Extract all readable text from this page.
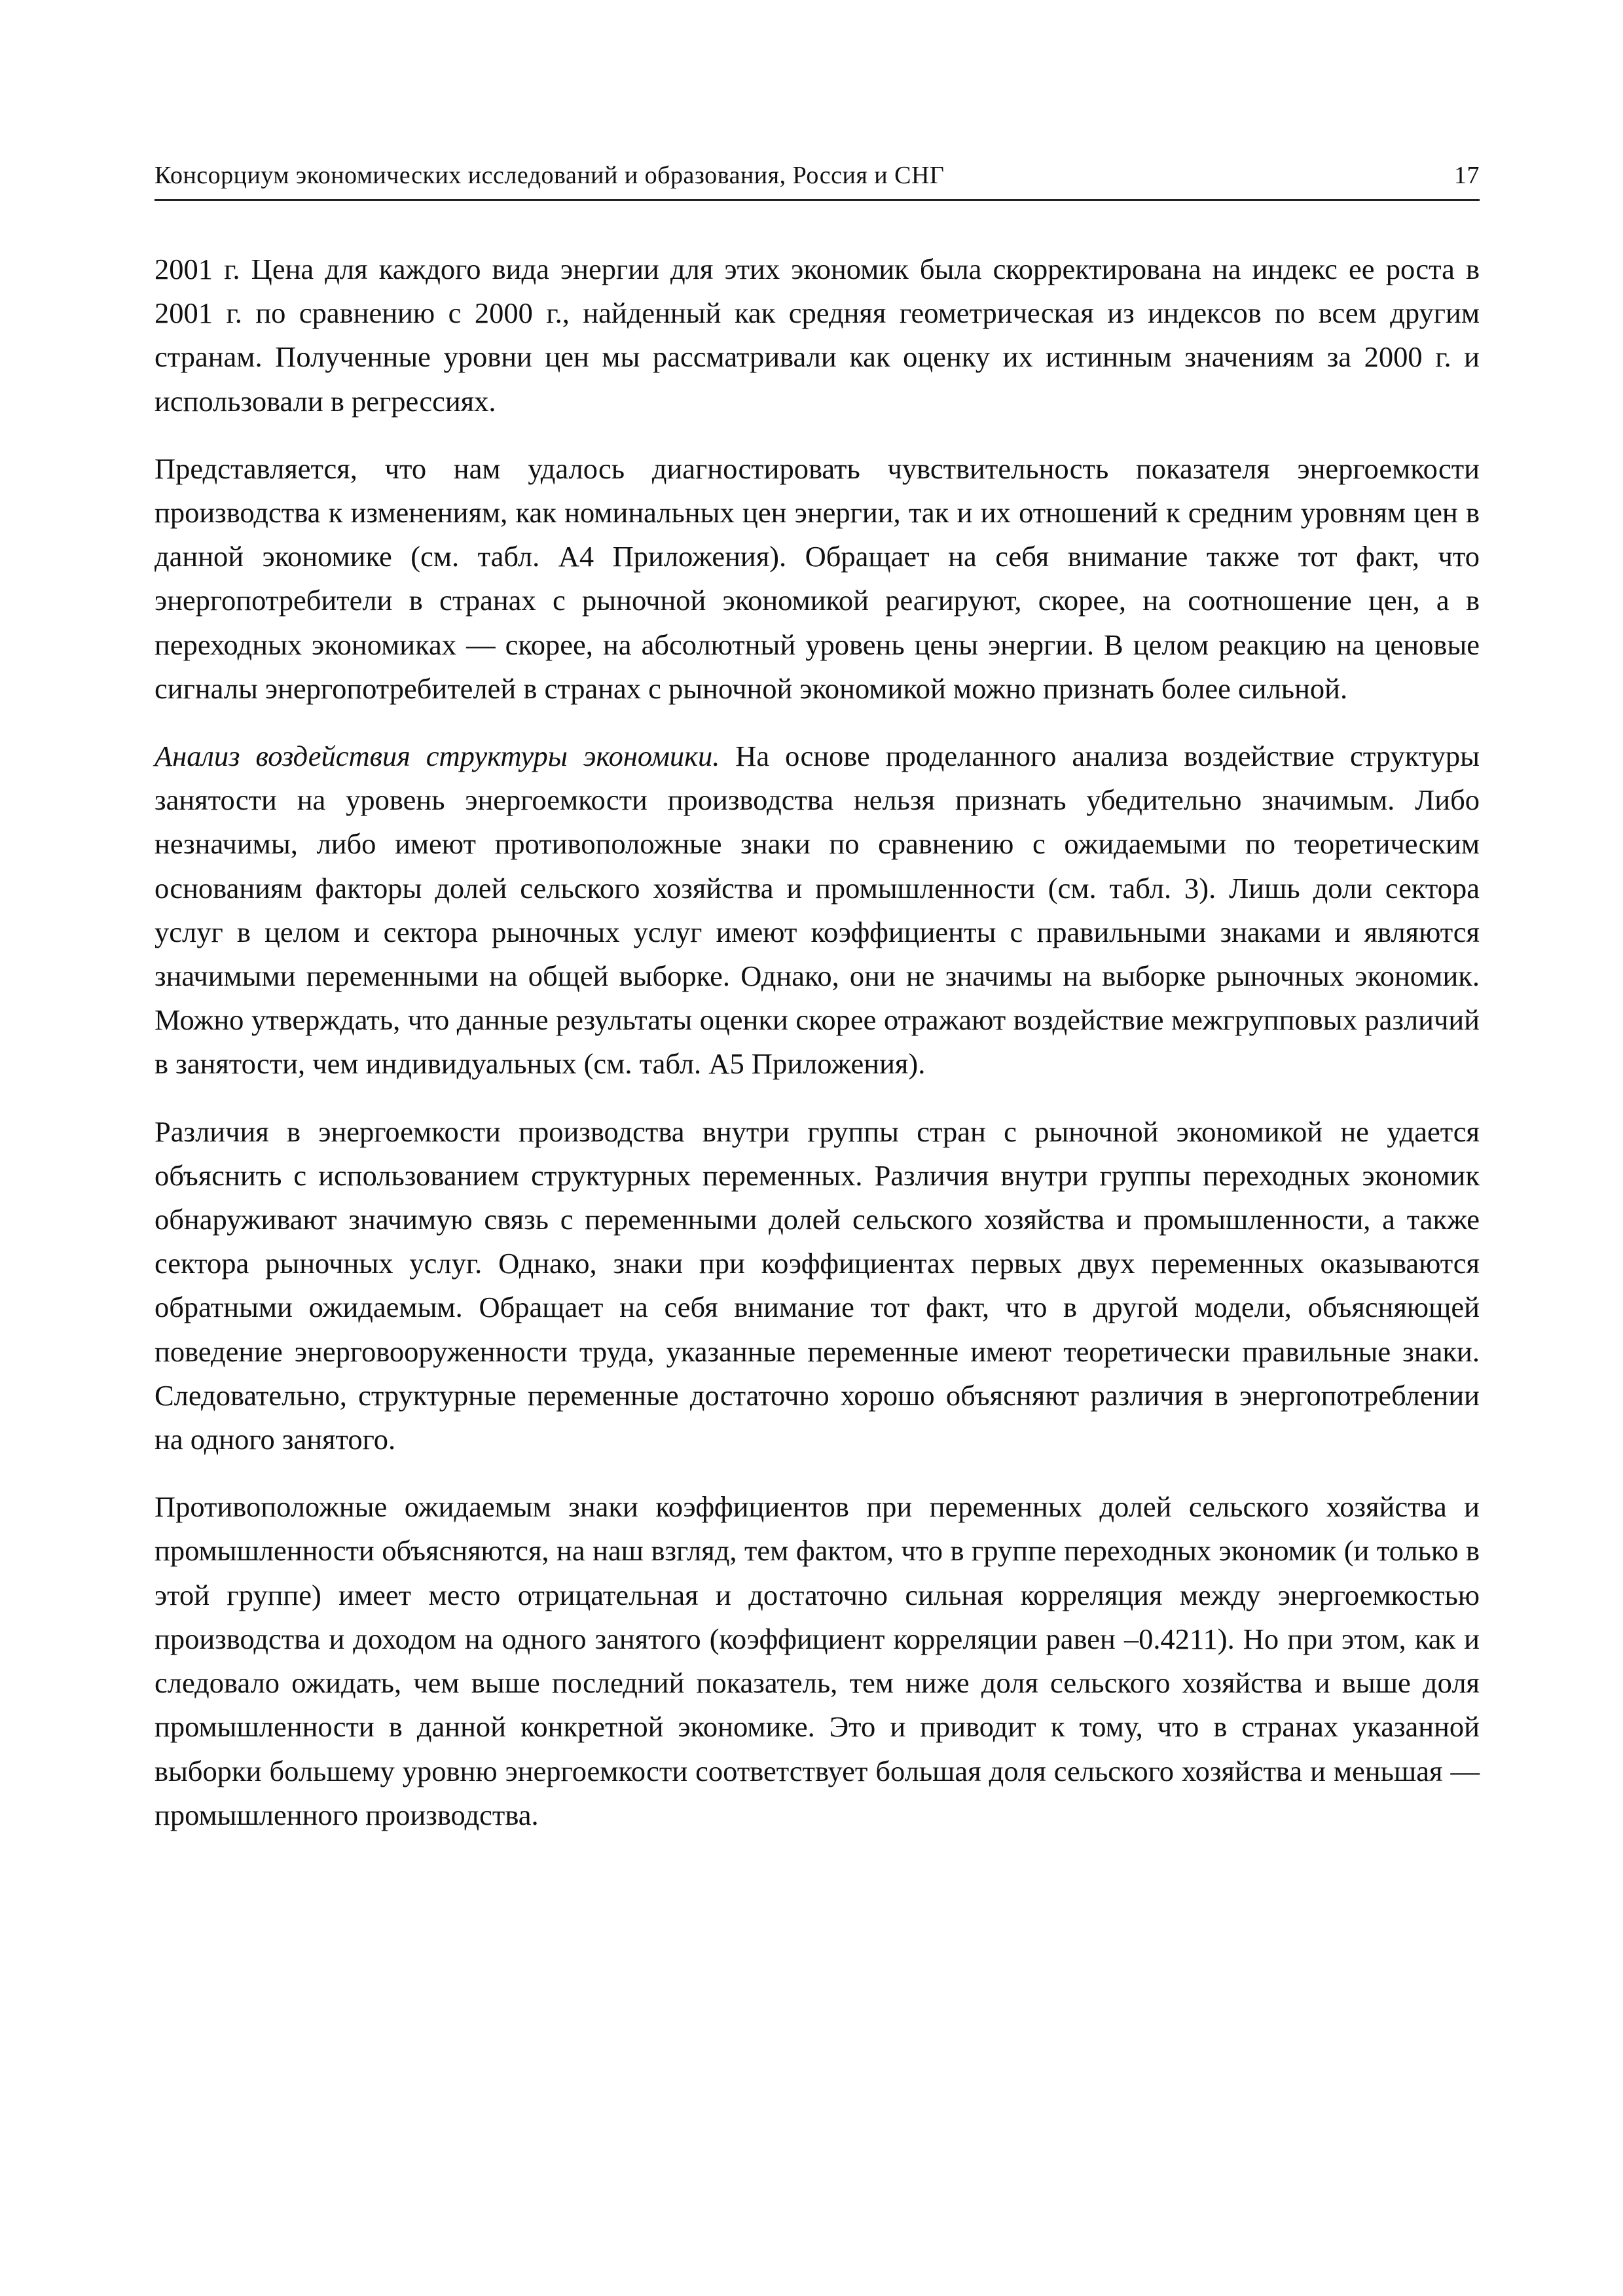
Консорциум экономических исследований и образования, Россия и СНГ	17

2001 г. Цена для каждого вида энергии для этих экономик была скорректирована на индекс ее роста в 2001 г. по сравнению с 2000 г., найденный как средняя геометрическая из индексов по всем другим странам. Полученные уровни цен мы рассматривали как оценку их истинным значениям за 2000 г. и использовали в регрессиях.

Представляется, что нам удалось диагностировать чувствительность показателя энергоемкости производства к изменениям, как номинальных цен энергии, так и их отношений к средним уровням цен в данной экономике (см. табл. А4 Приложения). Обращает на себя внимание также тот факт, что энергопотребители в странах с рыночной экономикой реагируют, скорее, на соотношение цен, а в переходных экономиках — скорее, на абсолютный уровень цены энергии. В целом реакцию на ценовые сигналы энергопотребителей в странах с рыночной экономикой можно признать более сильной.

Анализ воздействия структуры экономики. На основе проделанного анализа воздействие структуры занятости на уровень энергоемкости производства нельзя признать убедительно значимым. Либо незначимы, либо имеют противоположные знаки по сравнению с ожидаемыми по теоретическим основаниям факторы долей сельского хозяйства и промышленности (см. табл. 3). Лишь доли сектора услуг в целом и сектора рыночных услуг имеют коэффициенты с правильными знаками и являются значимыми переменными на общей выборке. Однако, они не значимы на выборке рыночных экономик. Можно утверждать, что данные результаты оценки скорее отражают воздействие межгрупповых различий в занятости, чем индивидуальных (см. табл. А5 Приложения).

Различия в энергоемкости производства внутри группы стран с рыночной экономикой не удается объяснить с использованием структурных переменных. Различия внутри группы переходных экономик обнаруживают значимую связь с переменными долей сельского хозяйства и промышленности, а также сектора рыночных услуг. Однако, знаки при коэффициентах первых двух переменных оказываются обратными ожидаемым. Обращает на себя внимание тот факт, что в другой модели, объясняющей поведение энерговооруженности труда, указанные переменные имеют теоретически правильные знаки. Следовательно, структурные переменные достаточно хорошо объясняют различия в энергопотреблении на одного занятого.

Противоположные ожидаемым знаки коэффициентов при переменных долей сельского хозяйства и промышленности объясняются, на наш взгляд, тем фактом, что в группе переходных экономик (и только в этой группе) имеет место отрицательная и достаточно сильная корреляция между энергоемкостью производства и доходом на одного занятого (коэффициент корреляции равен –0.4211). Но при этом, как и следовало ожидать, чем выше последний показатель, тем ниже доля сельского хозяйства и выше доля промышленности в данной конкретной экономике. Это и приводит к тому, что в странах указанной выборки большему уровню энергоемкости соответствует большая доля сельского хозяйства и меньшая — промышленного производства.
